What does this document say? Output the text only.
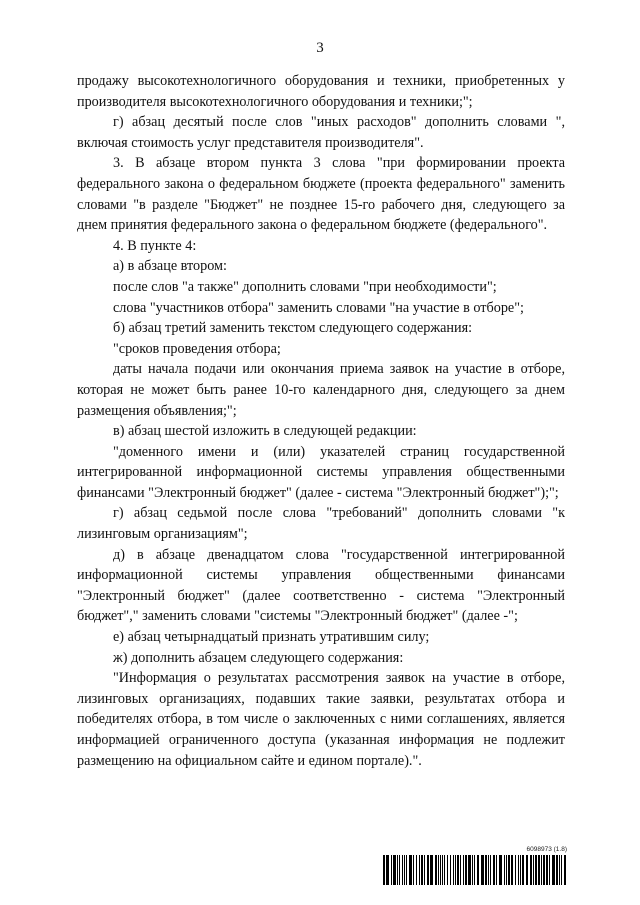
3

продажу высокотехнологичного оборудования и техники, приобретенных у производителя высокотехнологичного оборудования и техники;";

г) абзац десятый после слов "иных расходов" дополнить словами ", включая стоимость услуг представителя производителя".

3. В абзаце втором пункта 3 слова "при формировании проекта федерального закона о федеральном бюджете (проекта федерального" заменить словами "в разделе "Бюджет" не позднее 15-го рабочего дня, следующего за днем принятия федерального закона о федеральном бюджете (федерального".

4. В пункте 4:

а) в абзаце втором:

после слов "а также" дополнить словами "при необходимости";

слова "участников отбора" заменить словами "на участие в отборе";

б) абзац третий заменить текстом следующего содержания:

"сроков проведения отбора;

даты начала подачи или окончания приема заявок на участие в отборе, которая не может быть ранее 10-го календарного дня, следующего за днем размещения объявления;";

в) абзац шестой изложить в следующей редакции:

"доменного имени и (или) указателей страниц государственной интегрированной информационной системы управления общественными финансами "Электронный бюджет" (далее - система "Электронный бюджет");";

г) абзац седьмой после слова "требований" дополнить словами "к лизинговым организациям";

д) в абзаце двенадцатом слова "государственной интегрированной информационной системы управления общественными финансами "Электронный бюджет" (далее соответственно - система "Электронный бюджет"," заменить словами "системы "Электронный бюджет" (далее -";

е) абзац четырнадцатый признать утратившим силу;

ж) дополнить абзацем следующего содержания:

"Информация о результатах рассмотрения заявок на участие в отборе, лизинговых организациях, подавших такие заявки, результатах отбора и победителях отбора, в том числе о заключенных с ними соглашениях, является информацией ограниченного доступа (указанная информация не подлежит размещению на официальном сайте и едином портале).".

6098973 (1.8)
